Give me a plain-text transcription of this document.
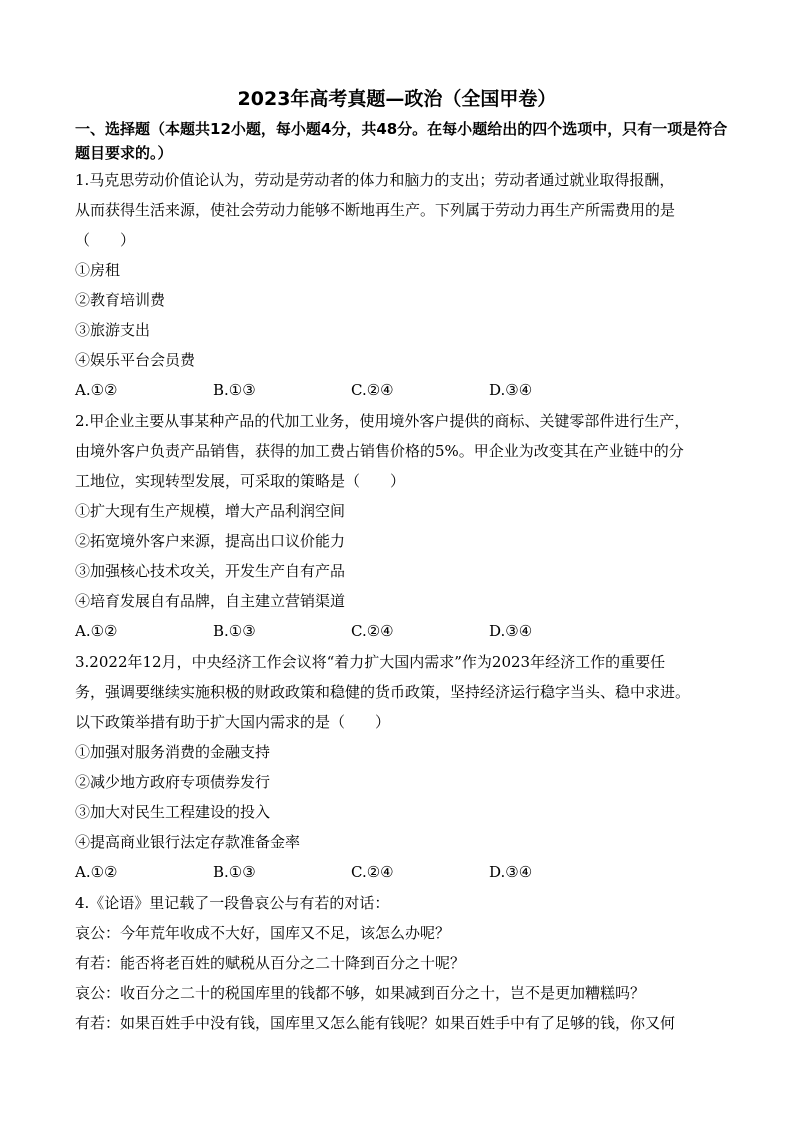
2023年高考真题—政治（全国甲卷）
一、选择题（本题共12小题，每小题4分，共48分。在每小题给出的四个选项中，只有一项是符合题目要求的。）
1.马克思劳动价值论认为，劳动是劳动者的体力和脑力的支出；劳动者通过就业取得报酬，
从而获得生活来源，使社会劳动力能够不断地再生产。下列属于劳动力再生产所需费用的是
（　　）
①房租
②教育培训费
③旅游支出
④娱乐平台会员费
A.①②	B.①③	C.②④	D.③④
2.甲企业主要从事某种产品的代加工业务，使用境外客户提供的商标、关键零部件进行生产，
由境外客户负责产品销售，获得的加工费占销售价格的5%。甲企业为改变其在产业链中的分
工地位，实现转型发展，可采取的策略是（　　）
①扩大现有生产规模，增大产品利润空间
②拓宽境外客户来源，提高出口议价能力
③加强核心技术攻关，开发生产自有产品
④培育发展自有品牌，自主建立营销渠道
A.①②	B.①③	C.②④	D.③④
3.2022年12月，中央经济工作会议将“着力扩大国内需求”作为2023年经济工作的重要任
务，强调要继续实施积极的财政政策和稳健的货币政策，坚持经济运行稳字当头、稳中求进。
以下政策举措有助于扩大国内需求的是（　　）
①加强对服务消费的金融支持
②减少地方政府专项债券发行
③加大对民生工程建设的投入
④提高商业银行法定存款准备金率
A.①②	B.①③	C.②④	D.③④
4.《论语》里记载了一段鲁哀公与有若的对话：
哀公：今年荒年收成不大好，国库又不足，该怎么办呢？
有若：能否将老百姓的赋税从百分之二十降到百分之十呢？
哀公：收百分之二十的税国库里的钱都不够，如果减到百分之十，岂不是更加糟糕吗？
有若：如果百姓手中没有钱，国库里又怎么能有钱呢？如果百姓手中有了足够的钱，你又何
